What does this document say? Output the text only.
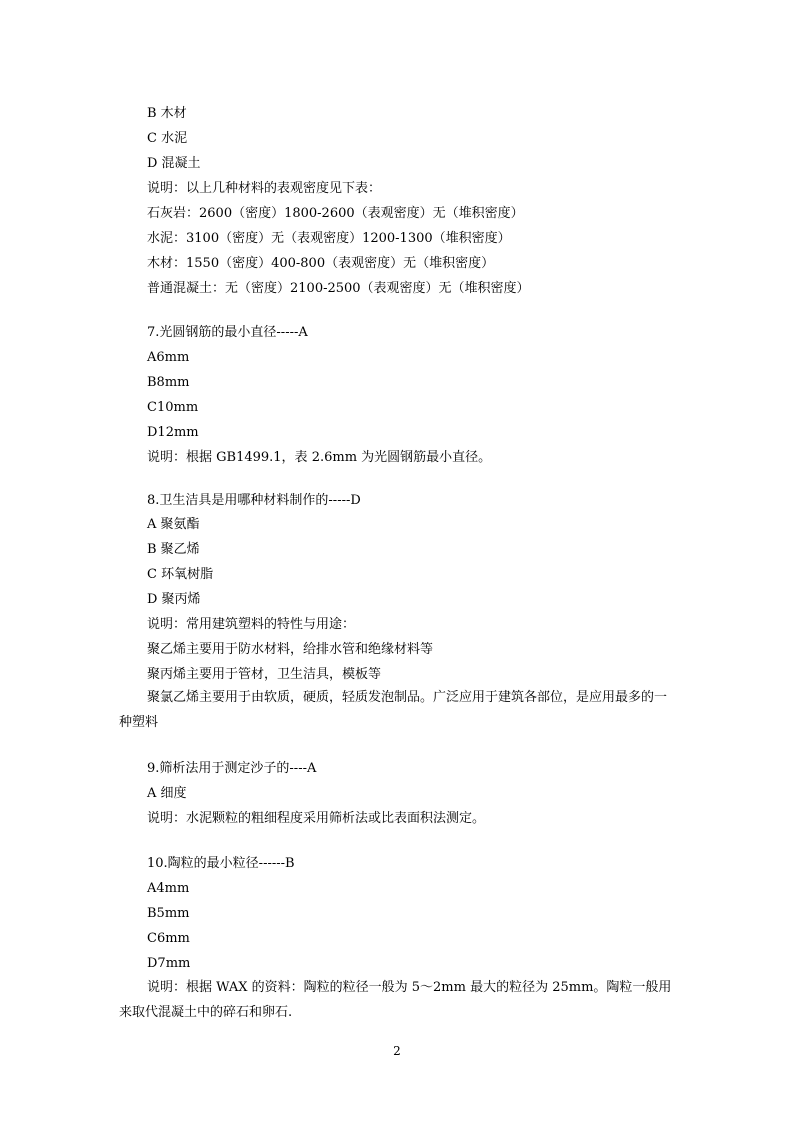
B 木材
C 水泥
D 混凝土
说明：以上几种材料的表观密度见下表：
石灰岩：2600（密度）1800-2600（表观密度）无（堆积密度）
水泥：3100（密度）无（表观密度）1200-1300（堆积密度）
木材：1550（密度）400-800（表观密度）无（堆积密度）
普通混凝土：无（密度）2100-2500（表观密度）无（堆积密度）
7.光圆钢筋的最小直径-----A
A6mm
B8mm
C10mm
D12mm
说明：根据 GB1499.1，表 2.6mm 为光圆钢筋最小直径。
8.卫生洁具是用哪种材料制作的-----D
A 聚氨酯
B 聚乙烯
C 环氧树脂
D 聚丙烯
说明：常用建筑塑料的特性与用途：
聚乙烯主要用于防水材料，给排水管和绝缘材料等
聚丙烯主要用于管材，卫生洁具，模板等
聚氯乙烯主要用于由软质，硬质，轻质发泡制品。广泛应用于建筑各部位，是应用最多的一种塑料
9.筛析法用于测定沙子的----A
A 细度
说明：水泥颗粒的粗细程度采用筛析法或比表面积法测定。
10.陶粒的最小粒径------B
A4mm
B5mm
C6mm
D7mm
说明：根据 WAX 的资料：陶粒的粒径一般为 5～2mm 最大的粒径为 25mm。陶粒一般用来取代混凝土中的碎石和卵石.
2
